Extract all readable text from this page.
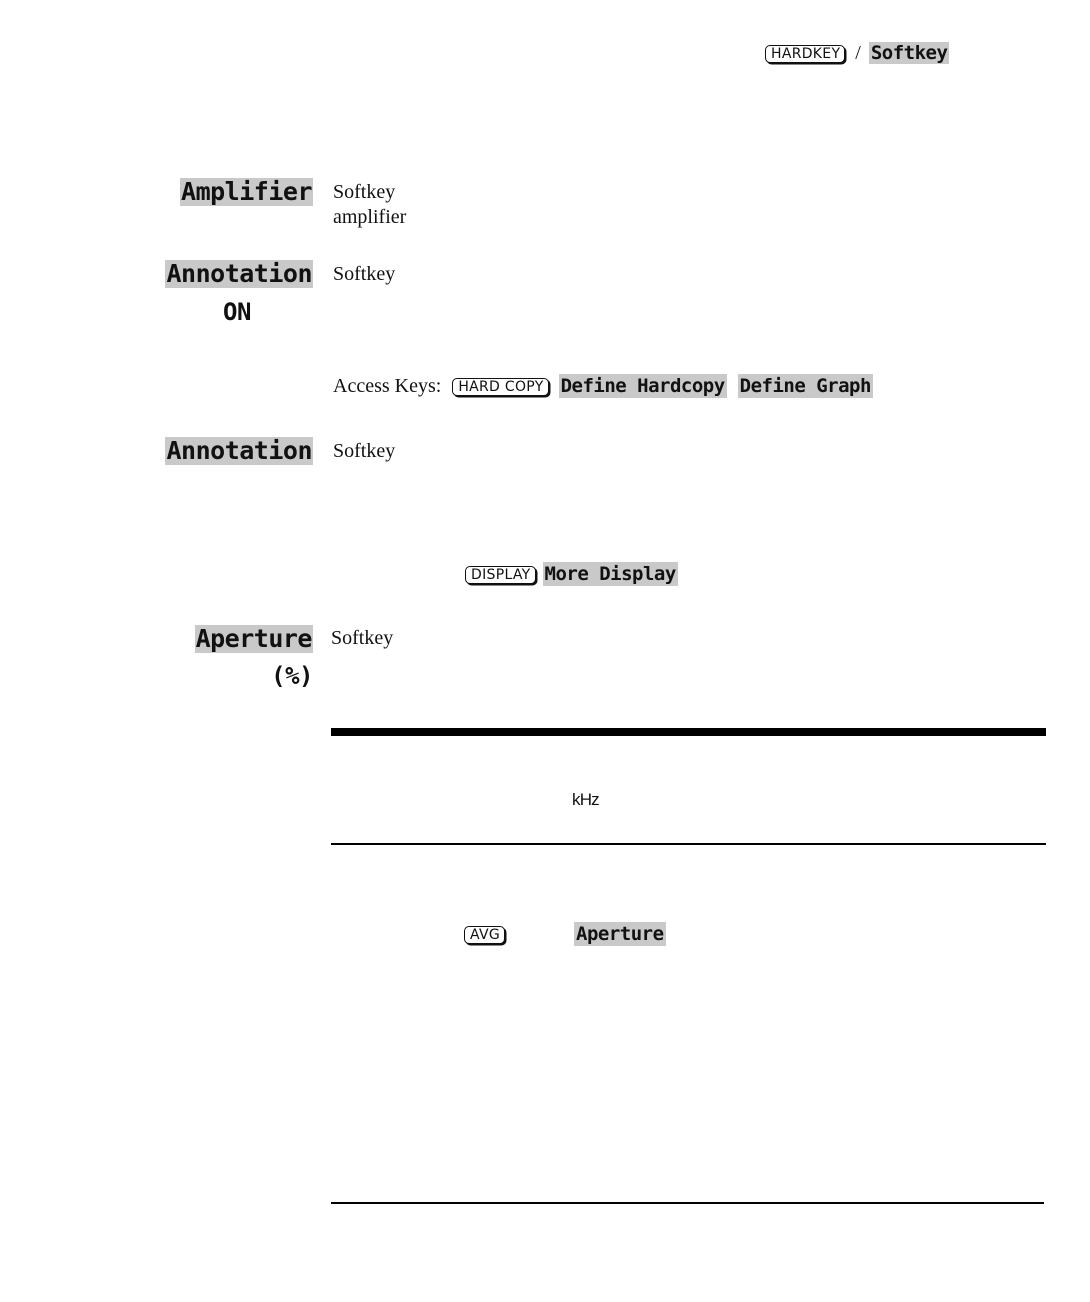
HARDKEY / Softkey
Amplifier Softkey
amplifier
Annotation
ON
Softkey
Access Keys: HARD COPY Define Hardcopy Define Graph
Annotation Softkey
DISPLAY More Display
Aperture
(%)
Softkey
kHz
AVG	Aperture
